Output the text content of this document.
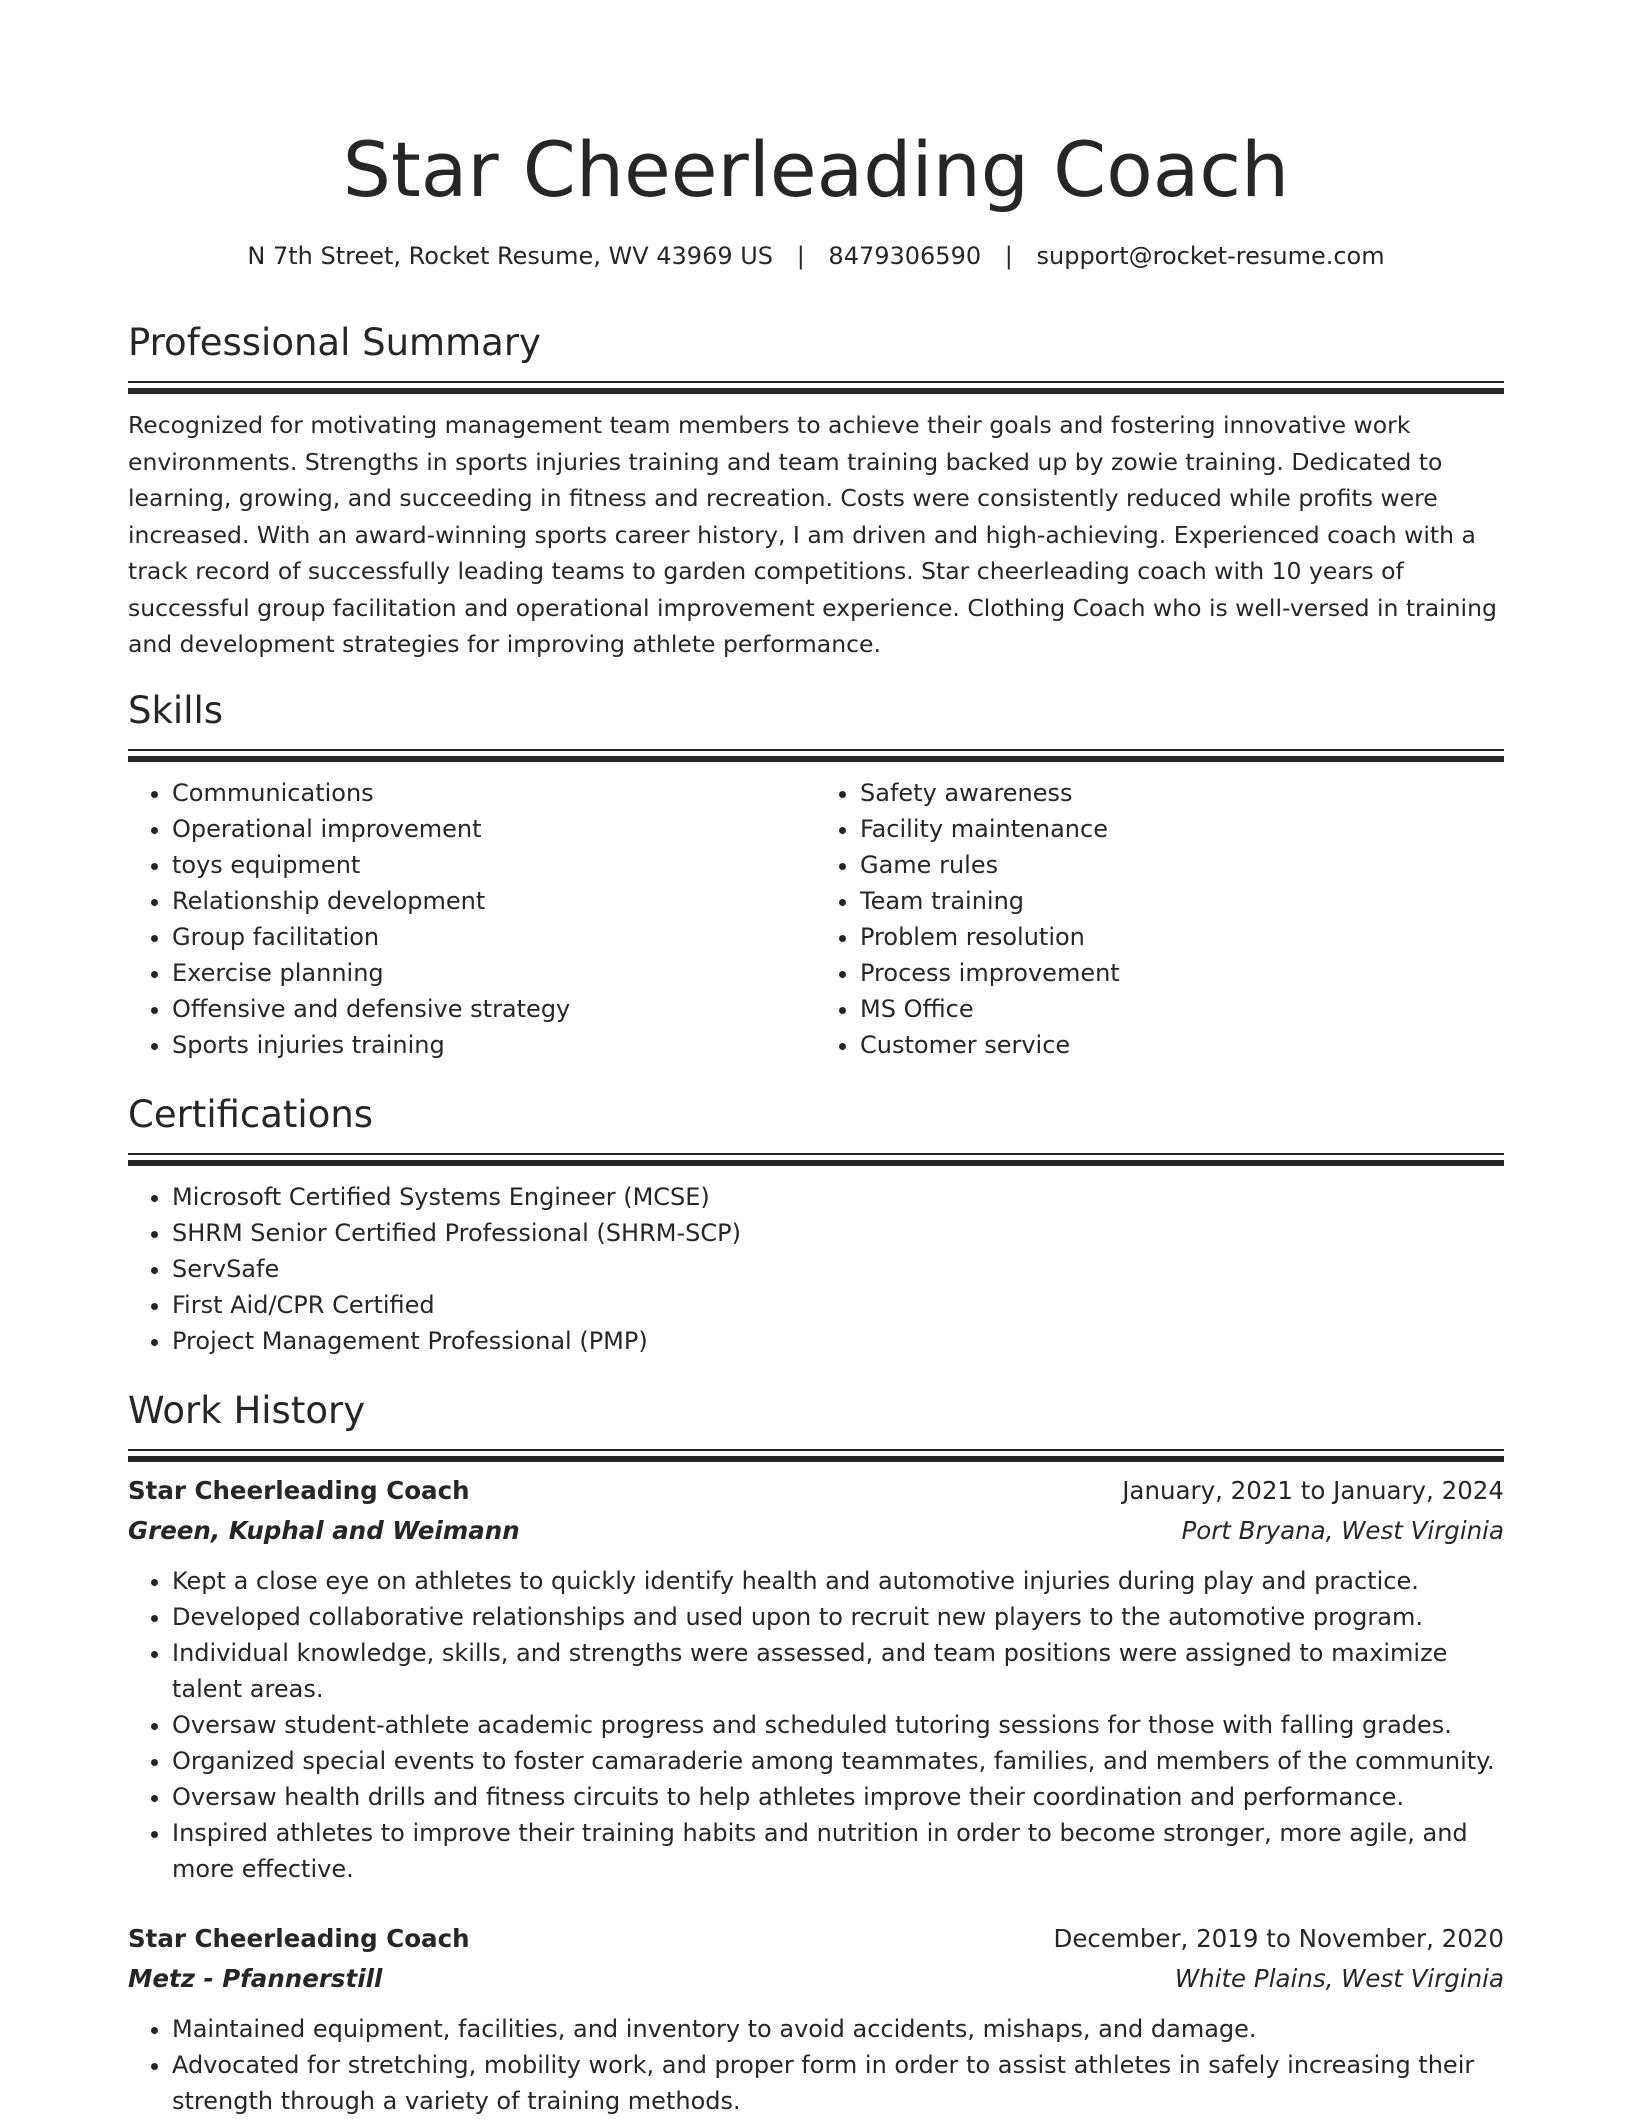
Star Cheerleading Coach
N 7th Street, Rocket Resume, WV 43969 US | 8479306590 | support@rocket-resume.com
Professional Summary

Recognized for motivating management team members to achieve their goals and fostering innovative work environments. Strengths in sports injuries training and team training backed up by zowie training. Dedicated to learning, growing, and succeeding in fitness and recreation. Costs were consistently reduced while profits were increased. With an award-winning sports career history, I am driven and high-achieving. Experienced coach with a track record of successfully leading teams to garden competitions. Star cheerleading coach with 10 years of successful group facilitation and operational improvement experience. Clothing Coach who is well-versed in training and development strategies for improving athlete performance.

Skills
• Communications
• Operational improvement
• toys equipment
• Relationship development
• Group facilitation
• Exercise planning
• Offensive and defensive strategy
• Sports injuries training
• Safety awareness
• Facility maintenance
• Game rules
• Team training
• Problem resolution
• Process improvement
• MS Office
• Customer service
Certifications
• Microsoft Certified Systems Engineer (MCSE)
• SHRM Senior Certified Professional (SHRM-SCP)
• ServSafe
• First Aid/CPR Certified
• Project Management Professional (PMP)
Work History
Star Cheerleading Coach	January, 2021 to January, 2024
Green, Kuphal and Weimann	Port Bryana, West Virginia
• Kept a close eye on athletes to quickly identify health and automotive injuries during play and practice.
• Developed collaborative relationships and used upon to recruit new players to the automotive program.
• Individual knowledge, skills, and strengths were assessed, and team positions were assigned to maximize talent areas.
• Oversaw student-athlete academic progress and scheduled tutoring sessions for those with falling grades.
• Organized special events to foster camaraderie among teammates, families, and members of the community.
• Oversaw health drills and fitness circuits to help athletes improve their coordination and performance.
• Inspired athletes to improve their training habits and nutrition in order to become stronger, more agile, and more effective.
Star Cheerleading Coach	December, 2019 to November, 2020
Metz - Pfannerstill	White Plains, West Virginia
• Maintained equipment, facilities, and inventory to avoid accidents, mishaps, and damage.
• Advocated for stretching, mobility work, and proper form in order to assist athletes in safely increasing their strength through a variety of training methods.
